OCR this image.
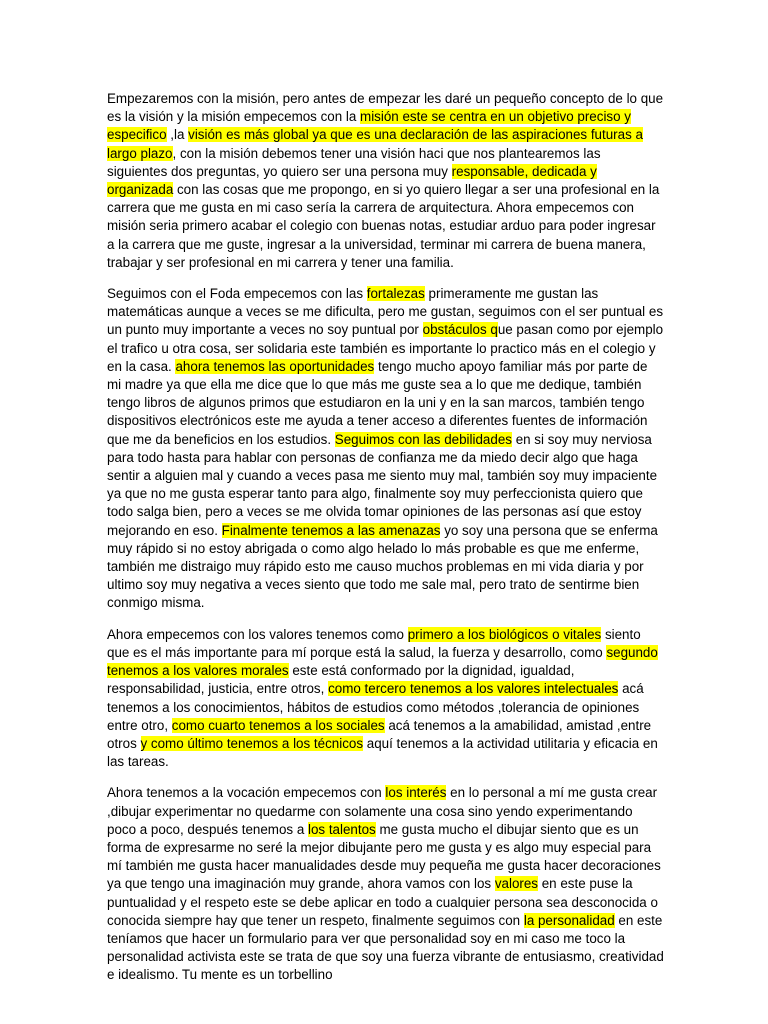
Empezaremos con la misión, pero antes de empezar les daré un pequeño concepto de lo que es la visión y la misión empecemos con la misión este se centra en un objetivo preciso y especifico ,la visión es más global ya que es una declaración de las aspiraciones futuras a largo plazo, con la misión debemos tener una visión haci que nos plantearemos las siguientes dos preguntas, yo quiero ser una persona muy responsable, dedicada y organizada con las cosas que me propongo, en si yo quiero llegar a ser una profesional en la carrera que me gusta en mi caso sería la carrera de arquitectura. Ahora empecemos con misión seria primero acabar el colegio con buenas notas, estudiar arduo para poder ingresar a la carrera que me guste, ingresar a la universidad, terminar mi carrera de buena manera, trabajar y ser profesional en mi carrera y tener una familia.

Seguimos con el Foda empecemos con las fortalezas primeramente me gustan las matemáticas aunque a veces se me dificulta, pero me gustan, seguimos con el ser puntual es un punto muy importante a veces no soy puntual por obstáculos que pasan como por ejemplo el trafico u otra cosa, ser solidaria este también es importante lo practico más en el colegio y en la casa. ahora tenemos las oportunidades tengo mucho apoyo familiar más por parte de mi madre ya que ella me dice que lo que más me guste sea a lo que me dedique, también tengo libros de algunos primos que estudiaron en la uni y en la san marcos, también tengo dispositivos electrónicos este me ayuda a tener acceso a diferentes fuentes de información que me da beneficios en los estudios. Seguimos con las debilidades en si soy muy nerviosa para todo hasta para hablar con personas de confianza me da miedo decir algo que haga sentir a alguien mal y cuando a veces pasa me siento muy mal, también soy muy impaciente ya que no me gusta esperar tanto para algo, finalmente soy muy perfeccionista quiero que todo salga bien, pero a veces se me olvida tomar opiniones de las personas así que estoy mejorando en eso. Finalmente tenemos a las amenazas yo soy una persona que se enferma muy rápido si no estoy abrigada o como algo helado lo más probable es que me enferme, también me distraigo muy rápido esto me causo muchos problemas en mi vida diaria y por ultimo soy muy negativa a veces siento que todo me sale mal, pero trato de sentirme bien conmigo misma.

Ahora empecemos con los valores tenemos como primero a los biológicos o vitales siento que es el más importante para mí porque está la salud, la fuerza y desarrollo, como segundo tenemos a los valores morales este está conformado por la dignidad, igualdad, responsabilidad, justicia, entre otros, como tercero tenemos a los valores intelectuales acá tenemos a los conocimientos, hábitos de estudios como métodos ,tolerancia de opiniones entre otro, como cuarto tenemos a los sociales acá tenemos a la amabilidad, amistad ,entre otros y como último tenemos a los técnicos aquí tenemos a la actividad utilitaria y eficacia en las tareas.

Ahora tenemos a la vocación empecemos con los interés en lo personal a mí me gusta crear ,dibujar experimentar no quedarme con solamente una cosa sino yendo experimentando poco a poco, después tenemos a los talentos me gusta mucho el dibujar siento que es un forma de expresarme no seré la mejor dibujante pero me gusta y es algo muy especial para mí también me gusta hacer manualidades desde muy pequeña me gusta hacer decoraciones ya que tengo una imaginación muy grande, ahora vamos con los valores en este puse la puntualidad y el respeto este se debe aplicar en todo a cualquier persona sea desconocida o conocida siempre hay que tener un respeto, finalmente seguimos con la personalidad en este teníamos que hacer un formulario para ver que personalidad soy en mi caso me toco la personalidad activista este se trata de que soy una fuerza vibrante de entusiasmo, creatividad e idealismo. Tu mente es un torbellino
